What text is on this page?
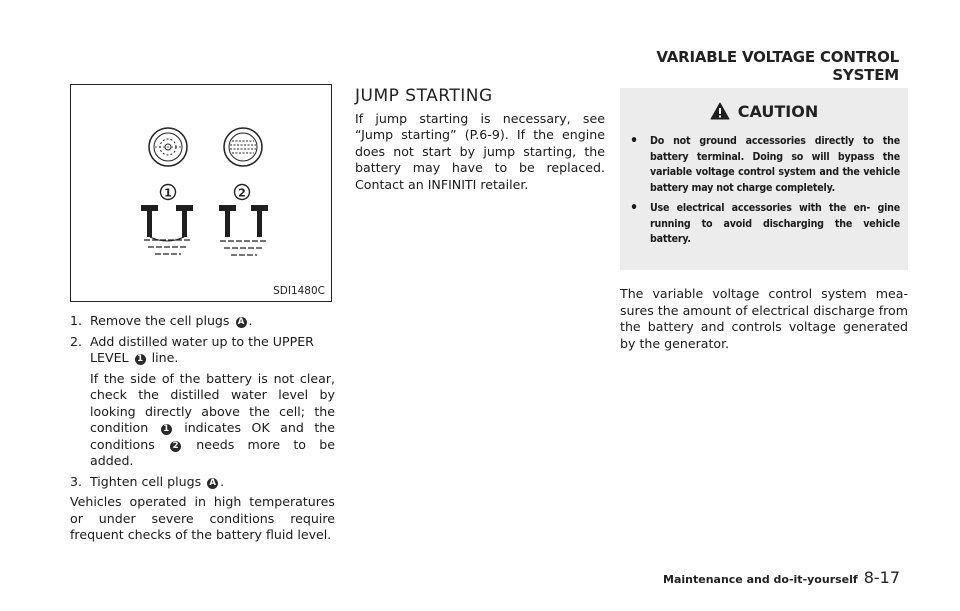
VARIABLE VOLTAGE CONTROL SYSTEM
1	2
SDI1480C
1. Remove the cell plugs A .
2. Add distilled water up to the UPPER LEVEL 1 line.
If the side of the battery is not clear, check the distilled water level by looking directly above the cell; the condition 1 indicates OK and the conditions 2 needs more to be added.
3. Tighten cell plugs A .

Vehicles operated in high temperatures or under severe conditions require frequent checks of the battery fluid level.

JUMP STARTING

If jump starting is necessary, see “Jump starting” (P.6-9). If the engine does not start by jump starting, the battery may have to be replaced. Contact an INFINITI retailer.

CAUTION
•	Do not ground accessories directly to the battery terminal. Doing so will bypass the variable voltage control system and the vehicle battery may not charge completely.
•	Use electrical accessories with the en- gine running to avoid discharging the vehicle battery.

The variable voltage control system mea- sures the amount of electrical discharge from the battery and controls voltage generated by the generator.

Maintenance and do-it-yourself 8-17
